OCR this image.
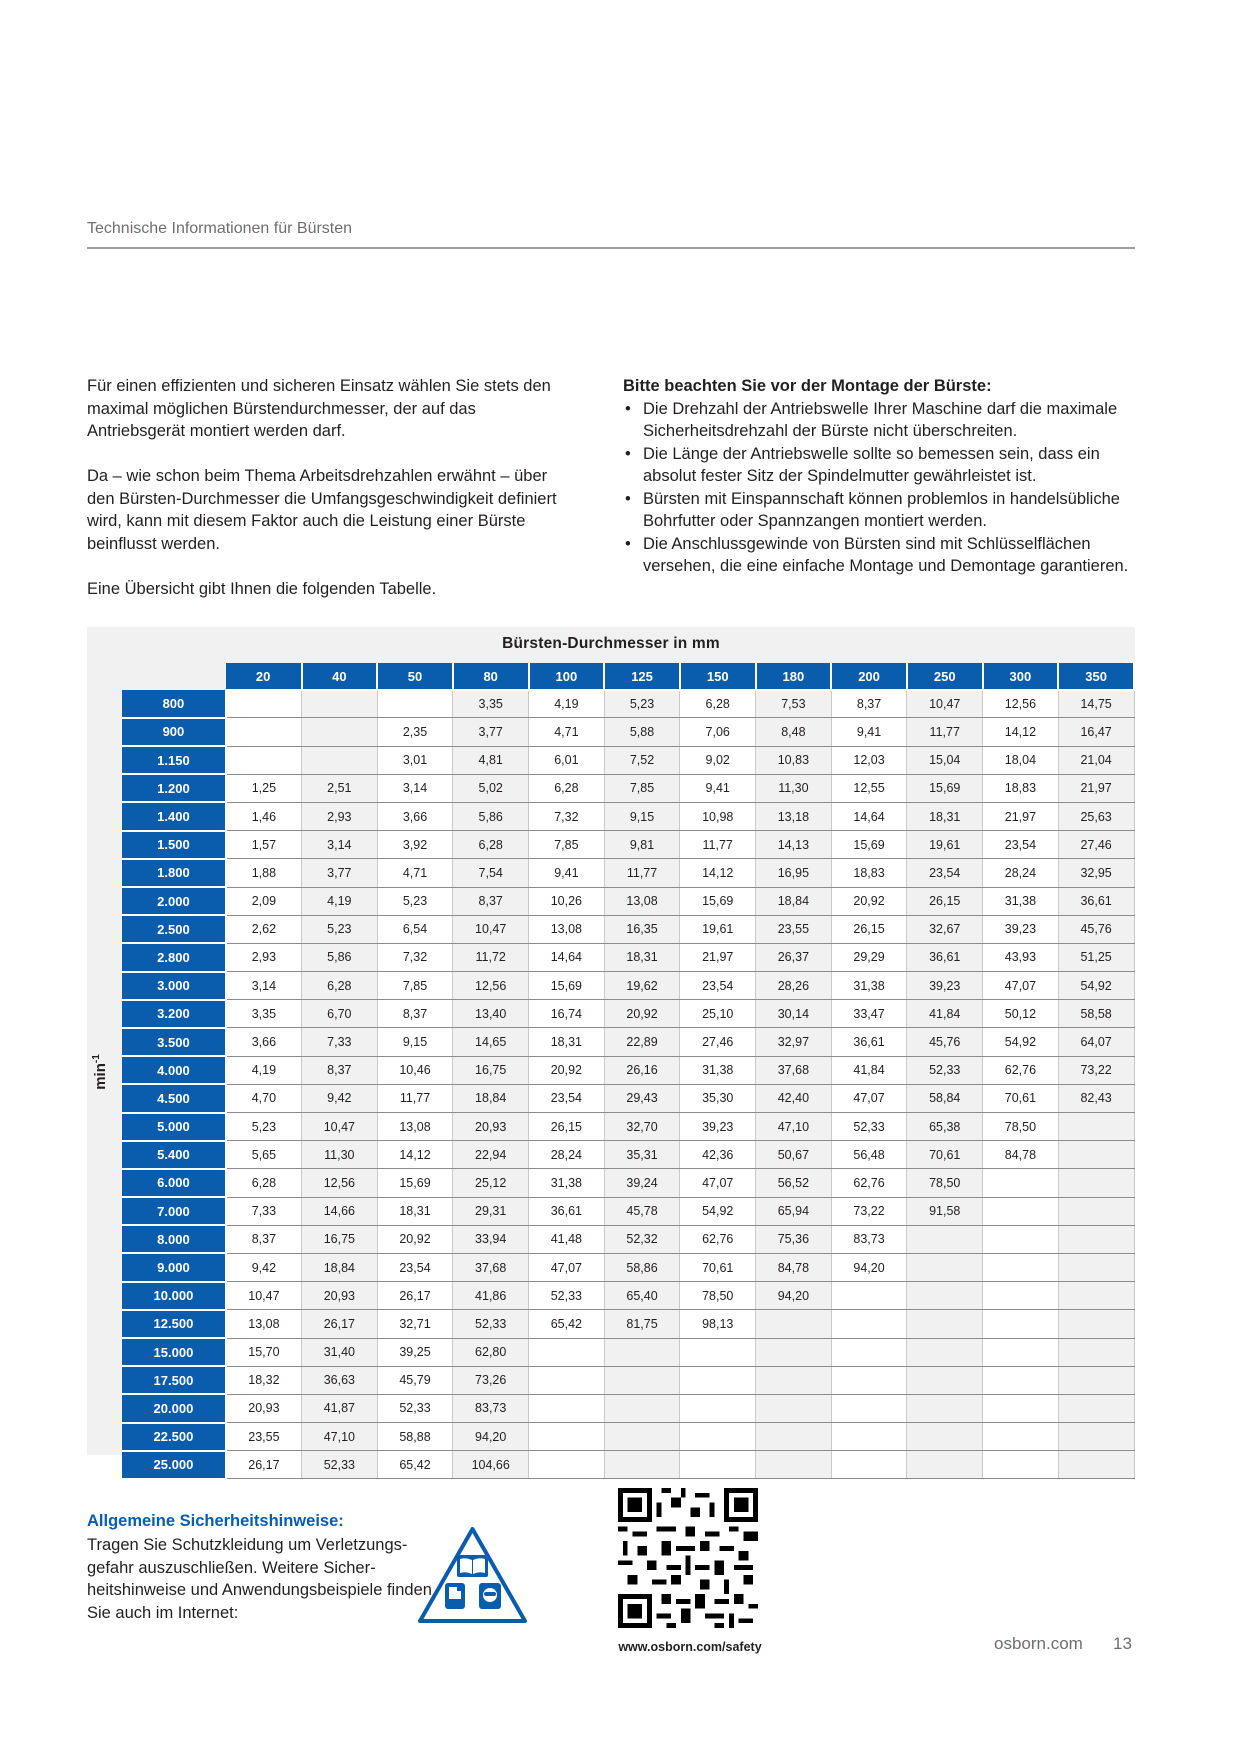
Technische Informationen für Bürsten

Für einen effizienten und sicheren Einsatz wählen Sie stets den maximal möglichen Bürstendurchmesser, der auf das Antriebsgerät montiert werden darf.

Da – wie schon beim Thema Arbeitsdrehzahlen erwähnt – über den Bürsten-Durchmesser die Umfangsgeschwindigkeit definiert wird, kann mit diesem Faktor auch die Leistung einer Bürste beinflusst werden.

Eine Übersicht gibt Ihnen die folgenden Tabelle.

Bitte beachten Sie vor der Montage der Bürste:
• Die Drehzahl der Antriebswelle Ihrer Maschine darf die maximale Sicherheitsdrehzahl der Bürste nicht überschreiten.
• Die Länge der Antriebswelle sollte so bemessen sein, dass ein absolut fester Sitz der Spindelmutter gewährleistet ist.
• Bürsten mit Einspannschaft können problemlos in handelsübliche Bohrfutter oder Spannzangen montiert werden.
• Die Anschlussgewinde von Bürsten sind mit Schlüsselflächen versehen, die eine einfache Montage und Demontage garantieren.
Bürsten-Durchmesser in mm
$\min^{-1}$
	20	40	50	80	100	125	150	180	200	250	300	350
800				3,35	4,19	5,23	6,28	7,53	8,37	10,47	12,56	14,75
900			2,35	3,77	4,71	5,88	7,06	8,48	9,41	11,77	14,12	16,47
1.150			3,01	4,81	6,01	7,52	9,02	10,83	12,03	15,04	18,04	21,04
1.200	1,25	2,51	3,14	5,02	6,28	7,85	9,41	11,30	12,55	15,69	18,83	21,97
1.400	1,46	2,93	3,66	5,86	7,32	9,15	10,98	13,18	14,64	18,31	21,97	25,63
1.500	1,57	3,14	3,92	6,28	7,85	9,81	11,77	14,13	15,69	19,61	23,54	27,46
1.800	1,88	3,77	4,71	7,54	9,41	11,77	14,12	16,95	18,83	23,54	28,24	32,95
2.000	2,09	4,19	5,23	8,37	10,26	13,08	15,69	18,84	20,92	26,15	31,38	36,61
2.500	2,62	5,23	6,54	10,47	13,08	16,35	19,61	23,55	26,15	32,67	39,23	45,76
2.800	2,93	5,86	7,32	11,72	14,64	18,31	21,97	26,37	29,29	36,61	43,93	51,25
3.000	3,14	6,28	7,85	12,56	15,69	19,62	23,54	28,26	31,38	39,23	47,07	54,92
3.200	3,35	6,70	8,37	13,40	16,74	20,92	25,10	30,14	33,47	41,84	50,12	58,58
3.500	3,66	7,33	9,15	14,65	18,31	22,89	27,46	32,97	36,61	45,76	54,92	64,07
4.000	4,19	8,37	10,46	16,75	20,92	26,16	31,38	37,68	41,84	52,33	62,76	73,22
4.500	4,70	9,42	11,77	18,84	23,54	29,43	35,30	42,40	47,07	58,84	70,61	82,43
5.000	5,23	10,47	13,08	20,93	26,15	32,70	39,23	47,10	52,33	65,38	78,50	
5.400	5,65	11,30	14,12	22,94	28,24	35,31	42,36	50,67	56,48	70,61	84,78	
6.000	6,28	12,56	15,69	25,12	31,38	39,24	47,07	56,52	62,76	78,50		
7.000	7,33	14,66	18,31	29,31	36,61	45,78	54,92	65,94	73,22	91,58		
8.000	8,37	16,75	20,92	33,94	41,48	52,32	62,76	75,36	83,73			
9.000	9,42	18,84	23,54	37,68	47,07	58,86	70,61	84,78	94,20			
10.000	10,47	20,93	26,17	41,86	52,33	65,40	78,50	94,20				
12.500	13,08	26,17	32,71	52,33	65,42	81,75	98,13					
15.000	15,70	31,40	39,25	62,80								
17.500	18,32	36,63	45,79	73,26								
20.000	20,93	41,87	52,33	83,73								
22.500	23,55	47,10	58,88	94,20								
25.000	26,17	52,33	65,42	104,66								
Allgemeine Sicherheitshinweise:
Tragen Sie Schutzkleidung um Verletzungsgefahr auszuschließen. Weitere Sicherheitshinweise und Anwendungsbeispiele finden Sie auch im Internet:
www.osborn.com/safety	osborn.com 13
